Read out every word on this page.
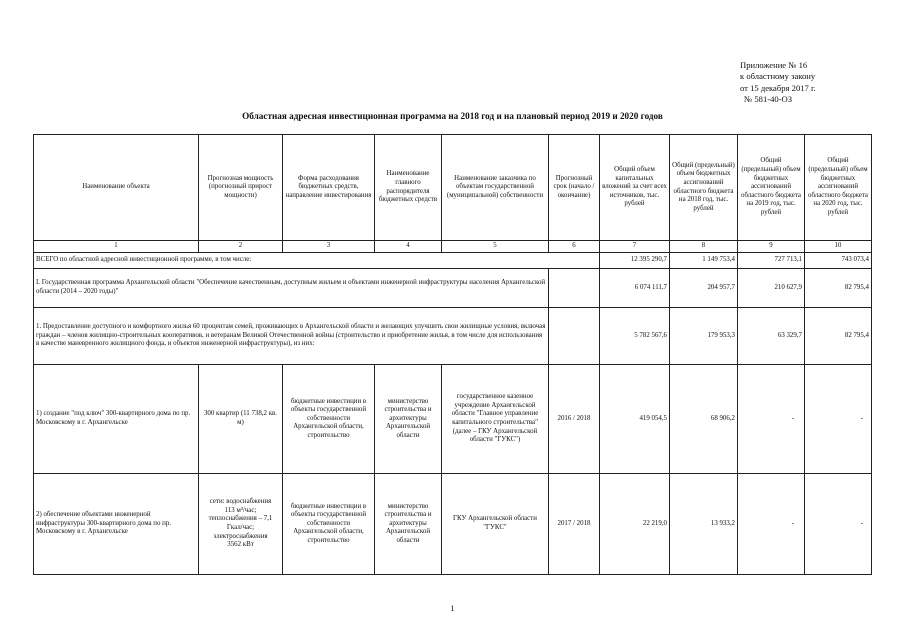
Приложение № 16
к областному закону
от 15 декабря 2017 г.
№ 581-40-ОЗ
Областная адресная инвестиционная программа на 2018 год и на плановый период 2019 и 2020 годов
Наименование объекта	Прогнозная мощность (прогнозный прирост мощности)	Форма расходования бюджетных средств, направление инвестирования	Наименование главного распорядителя бюджетных средств	Наименование заказчика по объектам государственной (муниципальной) собственности	Прогнозный срок (начало / окончание)	Общий объем капитальных вложений за счет всех источников, тыс. рублей	Общий (предельный) объем бюджетных ассигнований областного бюджета на 2018 год, тыс. рублей	Общий (предельный) объем бюджетных ассигнований областного бюджета на 2019 год, тыс. рублей	Общий (предельный) объем бюджетных ассигнований областного бюджета на 2020 год, тыс. рублей
1	2	3	4	5	6	7	8	9	10
ВСЕГО по областной адресной инвестиционной программе, в том числе:						12 395 290,7	1 149 753,4	727 713,1	743 073,4
I. Государственная программа Архангельской области "Обеспечение качественным, доступным жильем и объектами инженерной инфраструктуры населения Архангельской области (2014 – 2020 годы)"						6 074 111,7	204 957,7	210 627,9	82 795,4
1. Предоставление доступного и комфортного жилья 60 процентам семей, проживающих в Архангельской области и желающих улучшить свои жилищные условия, включая граждан – членов жилищно-строительных кооперативов, и ветеранам Великой Отечественной войны (строительство и приобретение жилья, в том числе для использования в качестве маневренного жилищного фонда, и объектов инженерной инфраструктуры), из них:						5 782 567,6	179 953,3	63 329,7	82 795,4
1) создание "под ключ" 300-квартирного дома по пр. Московскому в г. Архангельске	300 квартир (11 738,2 кв. м)	бюджетные инвестиции в объекты государственной собственности Архангельской области, строительство	министерство строительства и архитектуры Архангельской области	государственное казенное учреждение Архангельской области "Главное управление капитального строительства" (далее – ГКУ Архангельской области "ГУКС")	2016 / 2018	419 054,5	68 906,2	-	-
2) обеспечение объектами инженерной инфраструктуры 300-квартирного дома по пр. Московскому в г. Архангельске	сети: водоснабжения
113 м³/час;
теплоснабжения – 7,1 Гкал/час;
электроснабжения
3562 кВт	бюджетные инвестиции в объекты государственной собственности Архангельской области, строительство	министерство строительства и архитектуры Архангельской области	ГКУ Архангельской области "ГУКС"	2017 / 2018	22 219,0	13 933,2	-	-
1
